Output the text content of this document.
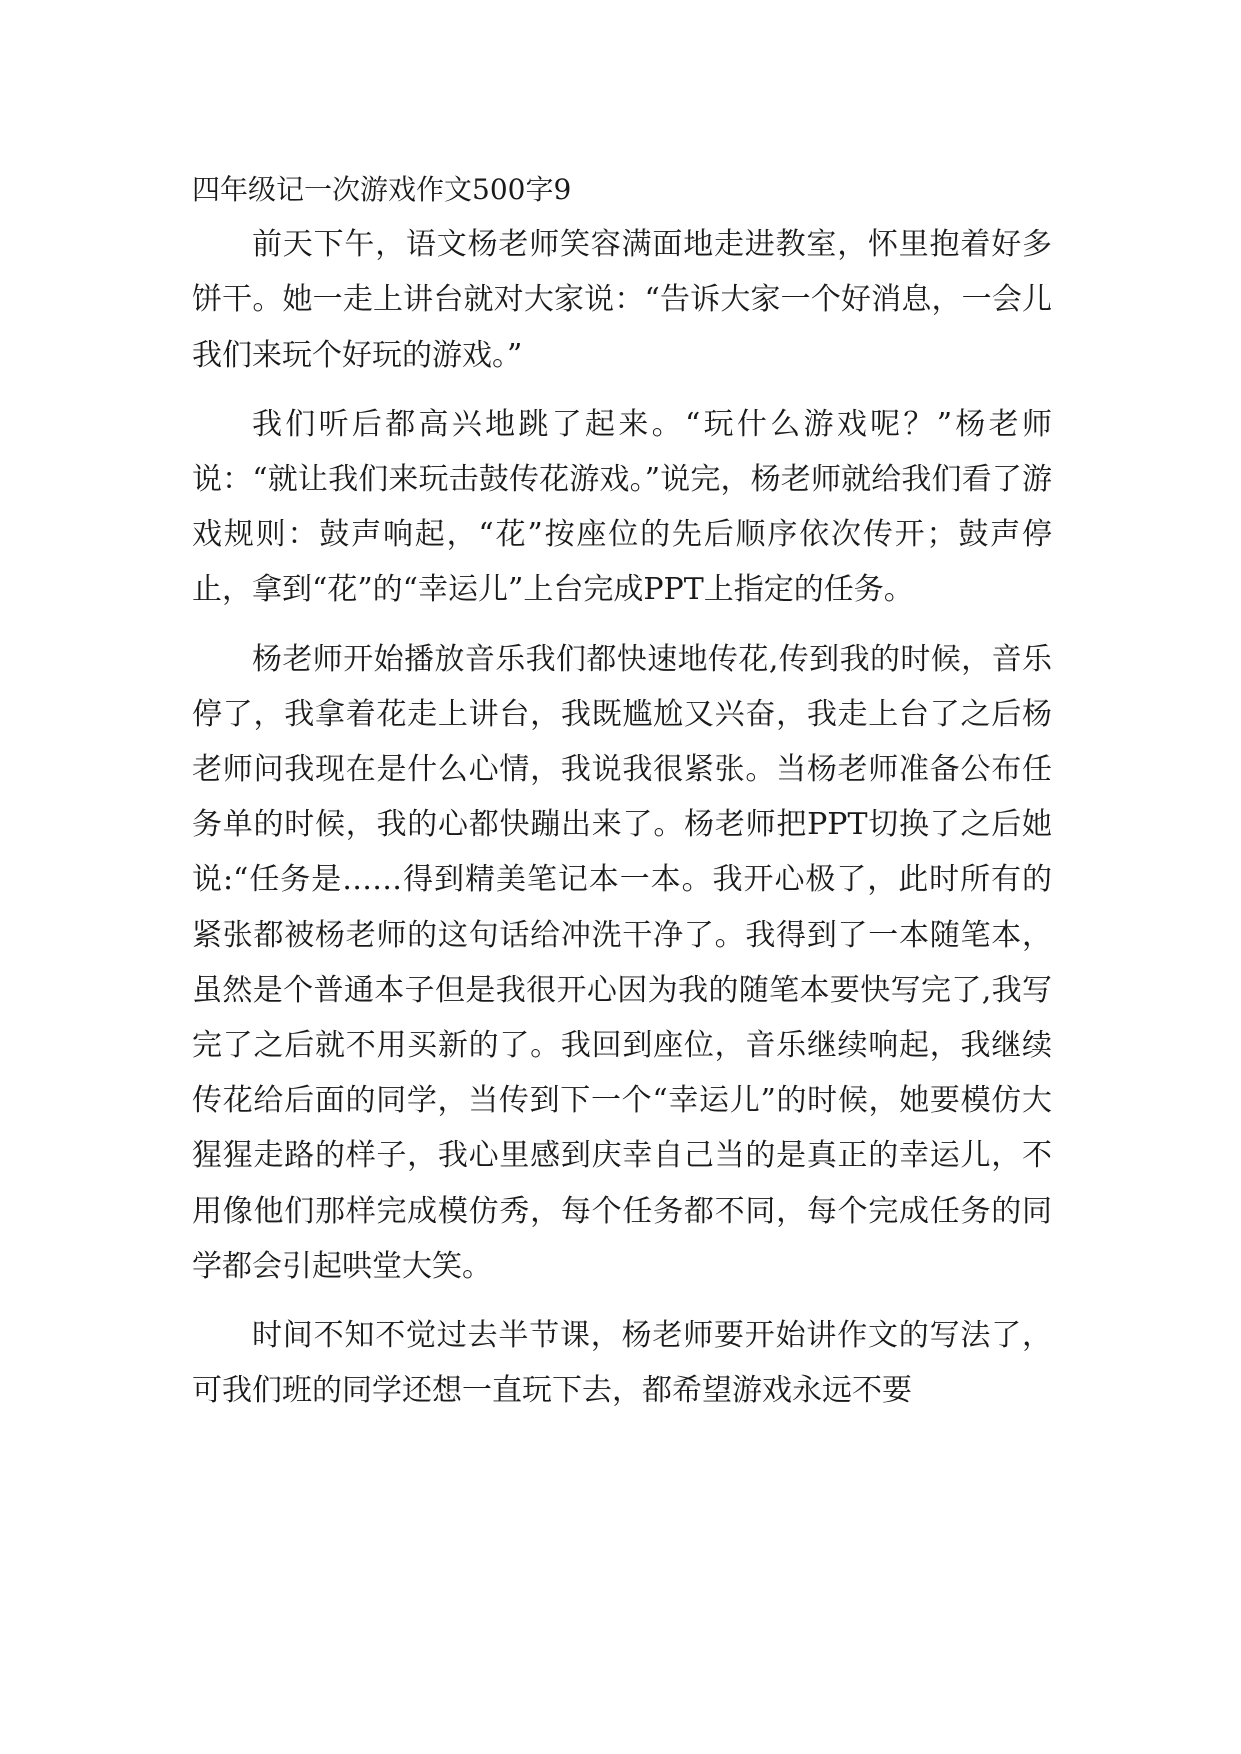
四年级记一次游戏作文500字9

前天下午，语文杨老师笑容满面地走进教室，怀里抱着好多饼干。她一走上讲台就对大家说：“告诉大家一个好消息，一会儿我们来玩个好玩的游戏。”

我们听后都高兴地跳了起来。“玩什么游戏呢？”杨老师说：“就让我们来玩击鼓传花游戏。”说完，杨老师就给我们看了游戏规则：鼓声响起，“花”按座位的先后顺序依次传开；鼓声停止，拿到“花”的“幸运儿”上台完成PPT上指定的任务。

杨老师开始播放音乐我们都快速地传花,传到我的时候，音乐停了，我拿着花走上讲台，我既尴尬又兴奋，我走上台了之后杨老师问我现在是什么心情，我说我很紧张。当杨老师准备公布任务单的时候，我的心都快蹦出来了。杨老师把PPT切换了之后她说:“任务是……得到精美笔记本一本。我开心极了，此时所有的紧张都被杨老师的这句话给冲洗干净了。我得到了一本随笔本，虽然是个普通本子但是我很开心因为我的随笔本要快写完了,我写完了之后就不用买新的了。我回到座位，音乐继续响起，我继续传花给后面的同学，当传到下一个“幸运儿”的时候，她要模仿大猩猩走路的样子，我心里感到庆幸自己当的是真正的幸运儿，不用像他们那样完成模仿秀，每个任务都不同，每个完成任务的同学都会引起哄堂大笑。

时间不知不觉过去半节课，杨老师要开始讲作文的写法了，可我们班的同学还想一直玩下去，都希望游戏永远不要
